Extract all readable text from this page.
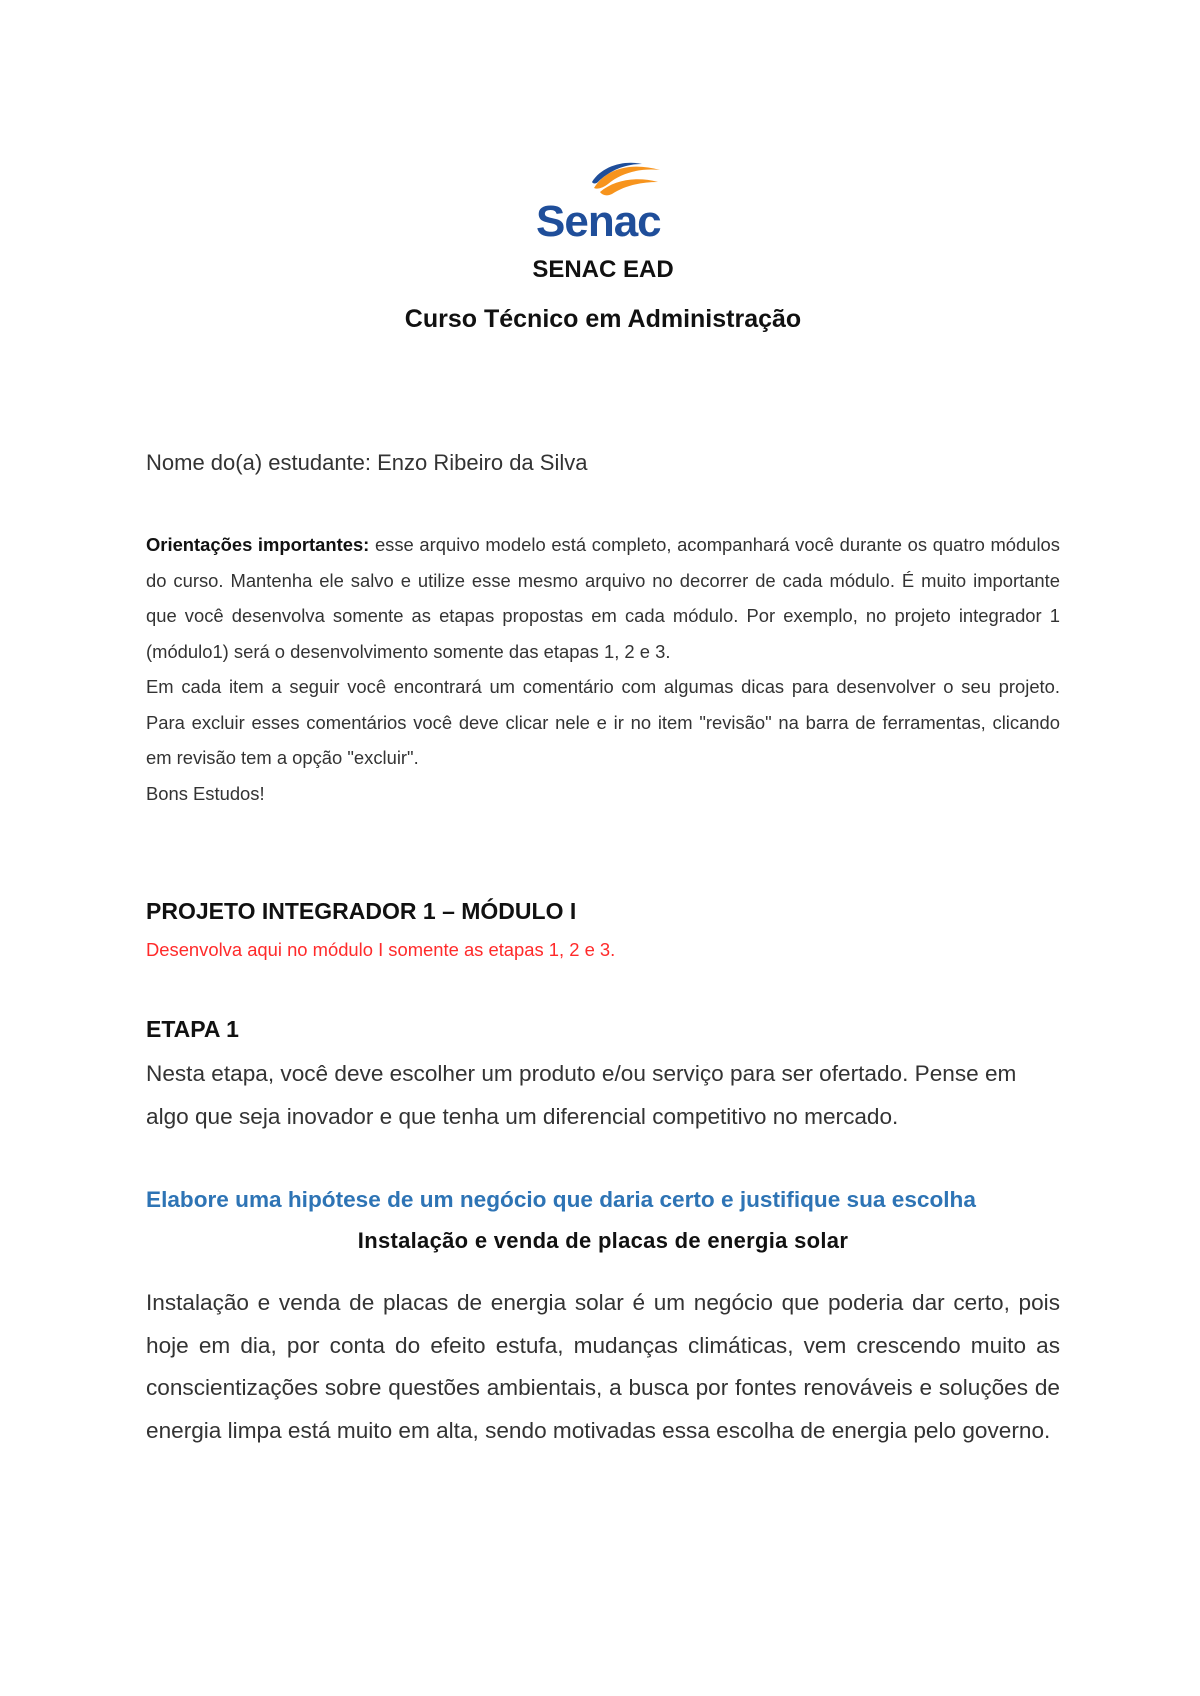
Senac
SENAC EAD
Curso Técnico em Administração
Nome do(a) estudante: Enzo Ribeiro da Silva

Orientações importantes: esse arquivo modelo está completo, acompanhará você durante os quatro módulos do curso. Mantenha ele salvo e utilize esse mesmo arquivo no decorrer de cada módulo. É muito importante que você desenvolva somente as etapas propostas em cada módulo. Por exemplo, no projeto integrador 1 (módulo1) será o desenvolvimento somente das etapas 1, 2 e 3.

Em cada item a seguir você encontrará um comentário com algumas dicas para desenvolver o seu projeto. Para excluir esses comentários você deve clicar nele e ir no item "revisão" na barra de ferramentas, clicando em revisão tem a opção "excluir".

Bons Estudos!

PROJETO INTEGRADOR 1 – MÓDULO I
Desenvolva aqui no módulo I somente as etapas 1, 2 e 3.
ETAPA 1
Nesta etapa, você deve escolher um produto e/ou serviço para ser ofertado. Pense em algo que seja inovador e que tenha um diferencial competitivo no mercado.
Elabore uma hipótese de um negócio que daria certo e justifique sua escolha
Instalação e venda de placas de energia solar
Instalação e venda de placas de energia solar é um negócio que poderia dar certo, pois hoje em dia, por conta do efeito estufa, mudanças climáticas, vem crescendo muito as conscientizações sobre questões ambientais, a busca por fontes renováveis e soluções de energia limpa está muito em alta, sendo motivadas essa escolha de energia pelo governo.
